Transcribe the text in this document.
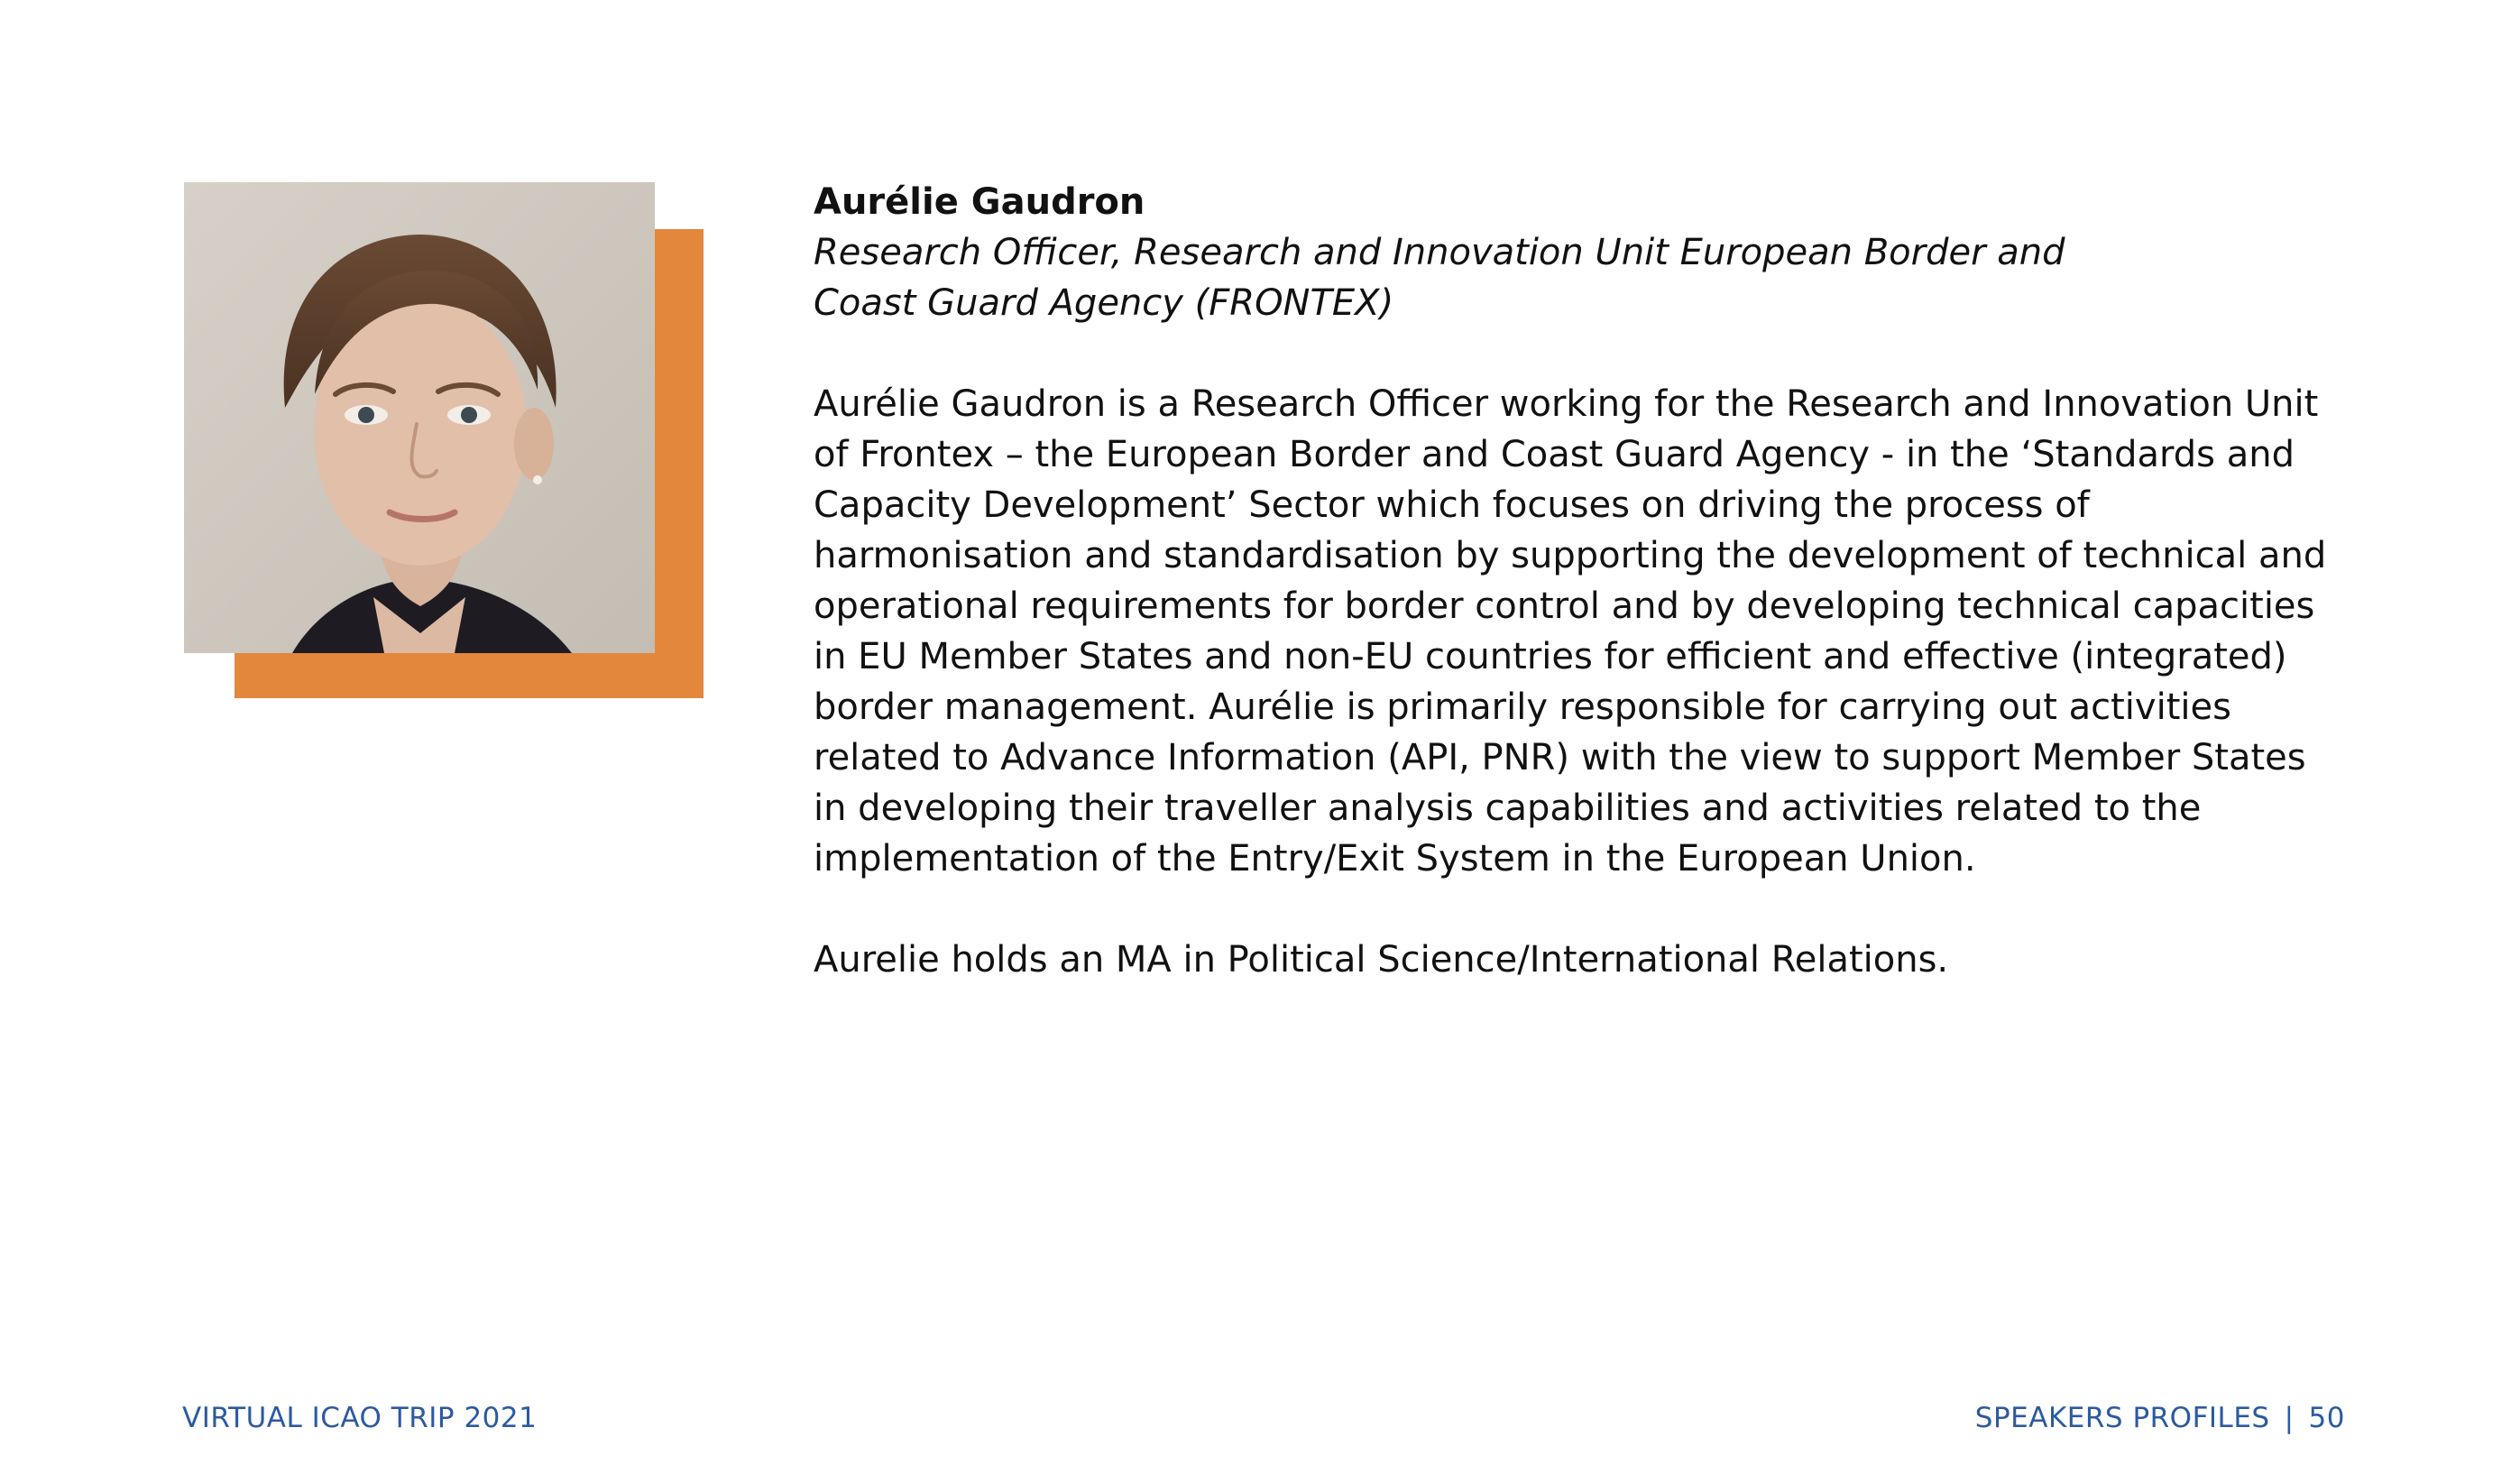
Aurélie Gaudron

Research Officer, Research and Innovation Unit European Border and Coast Guard Agency (FRONTEX)

Aurélie Gaudron is a Research Officer working for the Research and Innovation Unit of Frontex – the European Border and Coast Guard Agency - in the ‘Standards and Capacity Development’ Sector which focuses on driving the process of harmonisation and standardisation by supporting the development of technical and operational requirements for border control and by developing technical capacities in EU Member States and non-EU countries for efficient and effective (integrated) border management. Aurélie is primarily responsible for carrying out activities related to Advance Information (API, PNR) with the view to support Member States in developing their traveller analysis capabilities and activities related to the implementation of the Entry/Exit System in the European Union.

Aurelie holds an MA in Political Science/International Relations.

VIRTUAL ICAO TRIP 2021	SPEAKERS PROFILES | 50
